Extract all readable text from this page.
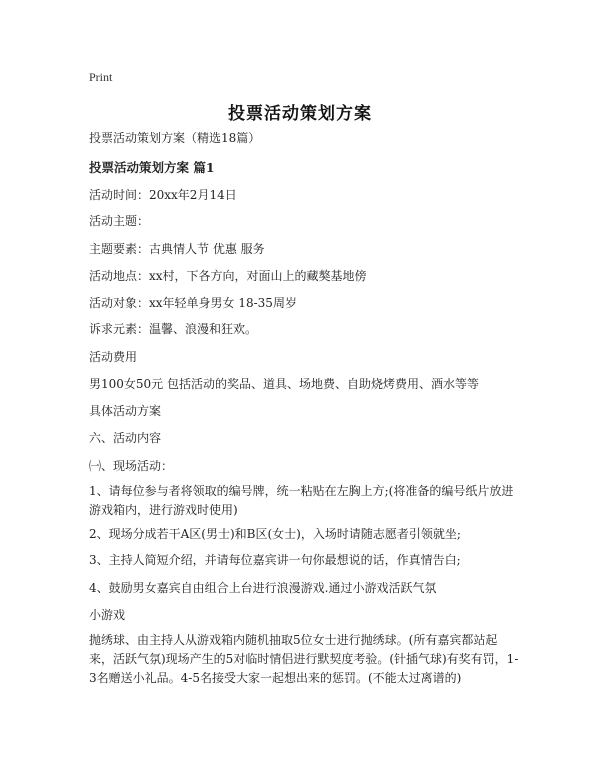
Print
投票活动策划方案
投票活动策划方案（精选18篇）
投票活动策划方案 篇1
活动时间：20xx年2月14日
活动主题：
主题要素：古典情人节 优惠 服务
活动地点：xx村，下各方向，对面山上的藏獒基地傍
活动对象：xx年轻单身男女 18-35周岁
诉求元素：温馨、浪漫和狂欢。
活动费用
男100女50元 包括活动的奖品、道具、场地费、自助烧烤费用、酒水等等
具体活动方案
六、活动内容
㈠、现场活动：
1、请每位参与者将领取的编号牌，统一粘贴在左胸上方;(将准备的编号纸片放进游戏箱内，进行游戏时使用)
2、现场分成若干A区(男士)和B区(女士)，入场时请随志愿者引领就坐;
3、主持人简短介绍，并请每位嘉宾讲一句你最想说的话，作真情告白;
4、鼓励男女嘉宾自由组合上台进行浪漫游戏.通过小游戏活跃气氛
小游戏
抛绣球、由主持人从游戏箱内随机抽取5位女士进行抛绣球。(所有嘉宾都站起来，活跃气氛)现场产生的5对临时情侣进行默契度考验。(针插气球)有奖有罚，1-3名赠送小礼品。4-5名接受大家一起想出来的惩罚。(不能太过离谱的)
